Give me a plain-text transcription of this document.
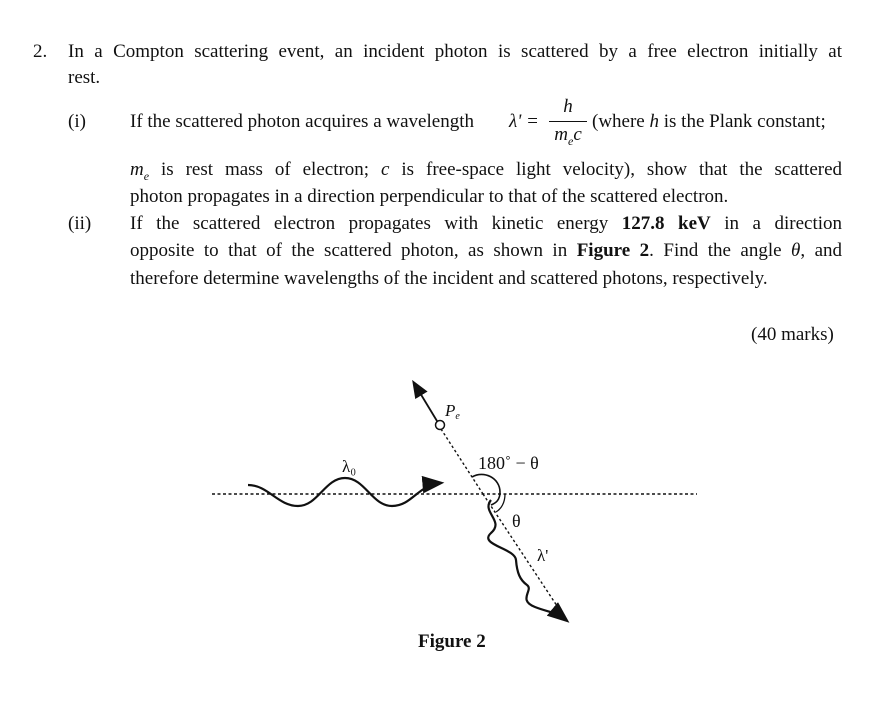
2. In a Compton scattering event, an incident photon is scattered by a free electron initially at
rest.
(i) If the scattered photon acquires a wavelength λ' =
h
$m_ec$
(where h is the Plank constant;
$m_e$ is rest mass of electron; c is free-space light velocity), show that the scattered
photon propagates in a direction perpendicular to that of the scattered electron.
(ii) If the scattered electron propagates with kinetic energy 127.8 keV in a direction
opposite to that of the scattered photon, as shown in Figure 2. Find the angle θ, and
therefore determine wavelengths of the incident and scattered photons, respectively.
(40 marks)
Pe
λ₀	180˚ − θ
θ
λ'
Figure 2
